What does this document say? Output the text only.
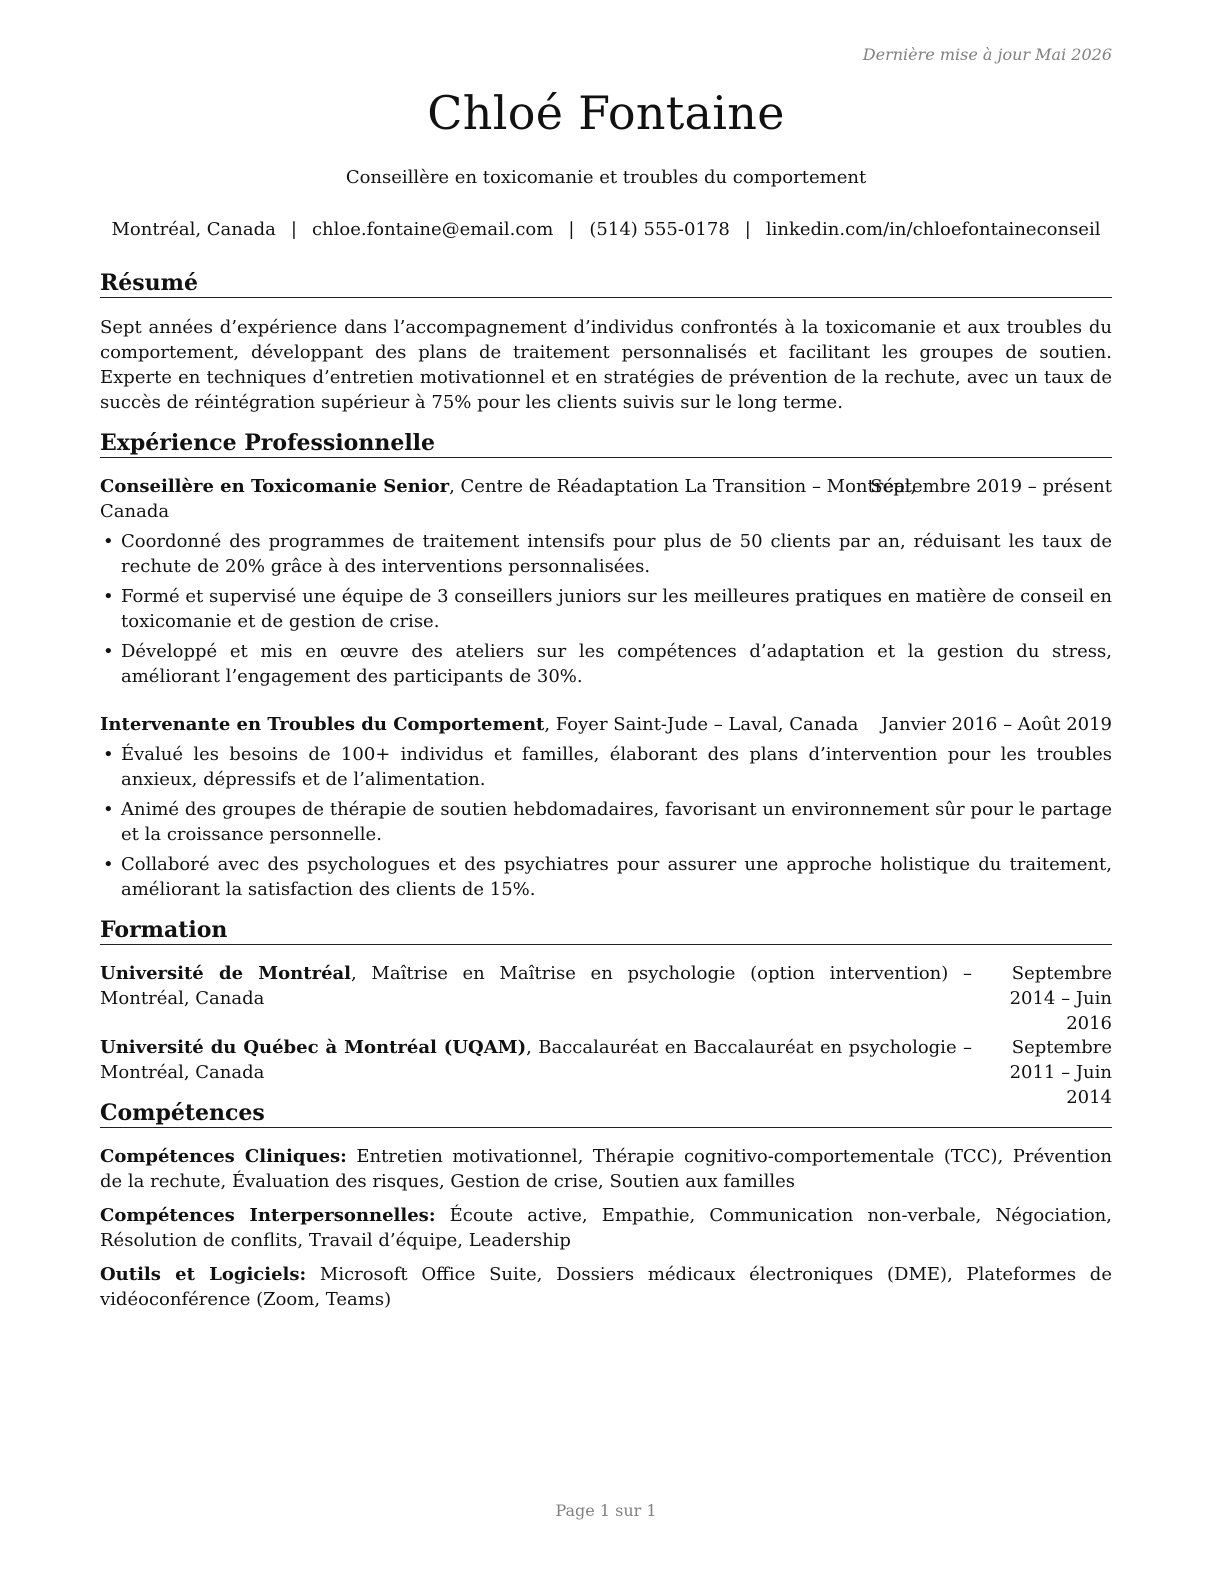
Dernière mise à jour Mai 2026
Chloé Fontaine
Conseillère en toxicomanie et troubles du comportement
Montréal, Canada | chloe.fontaine@email.com | (514) 555-0178 | linkedin.com/in/chloefontaineconseil
Résumé
Sept années d’expérience dans l’accompagnement d’individus confrontés à la toxicomanie et aux troubles du comportement, développant des plans de traitement personnalisés et facilitant les groupes de soutien. Experte en techniques d’entretien motivationnel et en stratégies de prévention de la rechute, avec un taux de succès de réintégration supérieur à 75% pour les clients suivis sur le long terme.
Expérience Professionnelle
Conseillère en Toxicomanie Senior, Centre de Réadaptation La Transition – Montréal,
Septembre 2019 – présent
Canada
• Coordonné des programmes de traitement intensifs pour plus de 50 clients par an, réduisant les taux de rechute de 20% grâce à des interventions personnalisées.
• Formé et supervisé une équipe de 3 conseillers juniors sur les meilleures pratiques en matière de conseil en toxicomanie et de gestion de crise.
• Développé et mis en œuvre des ateliers sur les compétences d’adaptation et la gestion du stress, améliorant l’engagement des participants de 30%.
Intervenante en Troubles du Comportement, Foyer Saint-Jude – Laval, Canada Janvier 2016 – Août 2019
• Évalué les besoins de 100+ individus et familles, élaborant des plans d’intervention pour les troubles anxieux, dépressifs et de l’alimentation.
• Animé des groupes de thérapie de soutien hebdomadaires, favorisant un environnement sûr pour le partage et la croissance personnelle.
• Collaboré avec des psychologues et des psychiatres pour assurer une approche holistique du traitement, améliorant la satisfaction des clients de 15%.
Formation
Université de Montréal, Maîtrise en Maîtrise en psychologie (option intervention) – Montréal, Canada
Septembre 2014 – Juin 2016
Université du Québec à Montréal (UQAM), Baccalauréat en Baccalauréat en psychologie – Montréal, Canada
Septembre 2011 – Juin 2014
Compétences
Compétences Cliniques: Entretien motivationnel, Thérapie cognitivo-comportementale (TCC), Prévention de la rechute, Évaluation des risques, Gestion de crise, Soutien aux familles
Compétences Interpersonnelles: Écoute active, Empathie, Communication non-verbale, Négociation, Résolution de conflits, Travail d’équipe, Leadership
Outils et Logiciels: Microsoft Office Suite, Dossiers médicaux électroniques (DME), Plateformes de vidéoconférence (Zoom, Teams)
Page 1 sur 1
